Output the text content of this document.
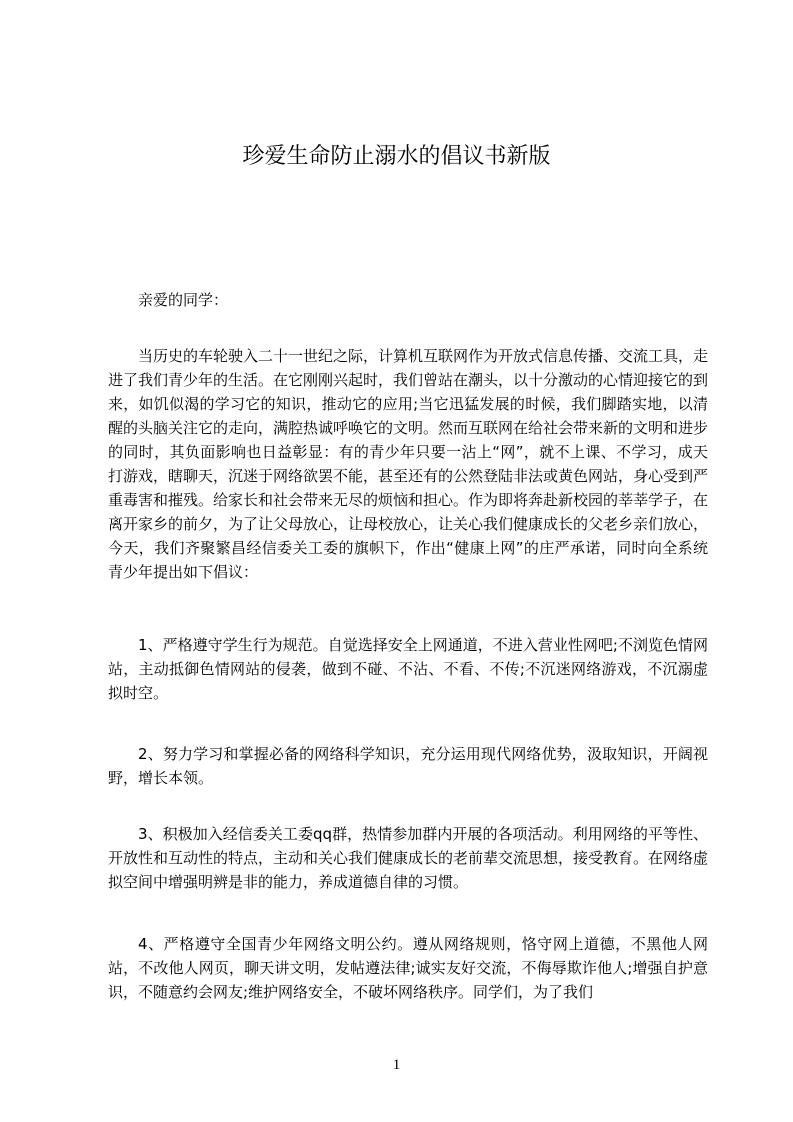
珍爱生命防止溺水的倡议书新版

亲爱的同学：

当历史的车轮驶入二十一世纪之际，计算机互联网作为开放式信息传播、交流工具，走进了我们青少年的生活。在它刚刚兴起时，我们曾站在潮头，以十分激动的心情迎接它的到来，如饥似渴的学习它的知识，推动它的应用;当它迅猛发展的时候，我们脚踏实地，以清醒的头脑关注它的走向，满腔热诚呼唤它的文明。然而互联网在给社会带来新的文明和进步的同时，其负面影响也日益彰显：有的青少年只要一沾上“网”，就不上课、不学习，成天打游戏，瞎聊天，沉迷于网络欲罢不能，甚至还有的公然登陆非法或黄色网站，身心受到严重毒害和摧残。给家长和社会带来无尽的烦恼和担心。作为即将奔赴新校园的莘莘学子，在离开家乡的前夕，为了让父母放心，让母校放心，让关心我们健康成长的父老乡亲们放心，今天，我们齐聚繁昌经信委关工委的旗帜下，作出“健康上网”的庄严承诺，同时向全系统青少年提出如下倡议：

1、严格遵守学生行为规范。自觉选择安全上网通道，不进入营业性网吧;不浏览色情网站，主动抵御色情网站的侵袭，做到不碰、不沾、不看、不传;不沉迷网络游戏，不沉溺虚拟时空。

2、努力学习和掌握必备的网络科学知识，充分运用现代网络优势，汲取知识，开阔视野，增长本领。

3、积极加入经信委关工委qq群，热情参加群内开展的各项活动。利用网络的平等性、开放性和互动性的特点，主动和关心我们健康成长的老前辈交流思想，接受教育。在网络虚拟空间中增强明辨是非的能力，养成道德自律的习惯。

4、严格遵守全国青少年网络文明公约。遵从网络规则，恪守网上道德，不黑他人网站，不改他人网页，聊天讲文明，发帖遵法律;诚实友好交流，不侮辱欺诈他人;增强自护意识，不随意约会网友;维护网络安全，不破坏网络秩序。同学们，为了我们

1
